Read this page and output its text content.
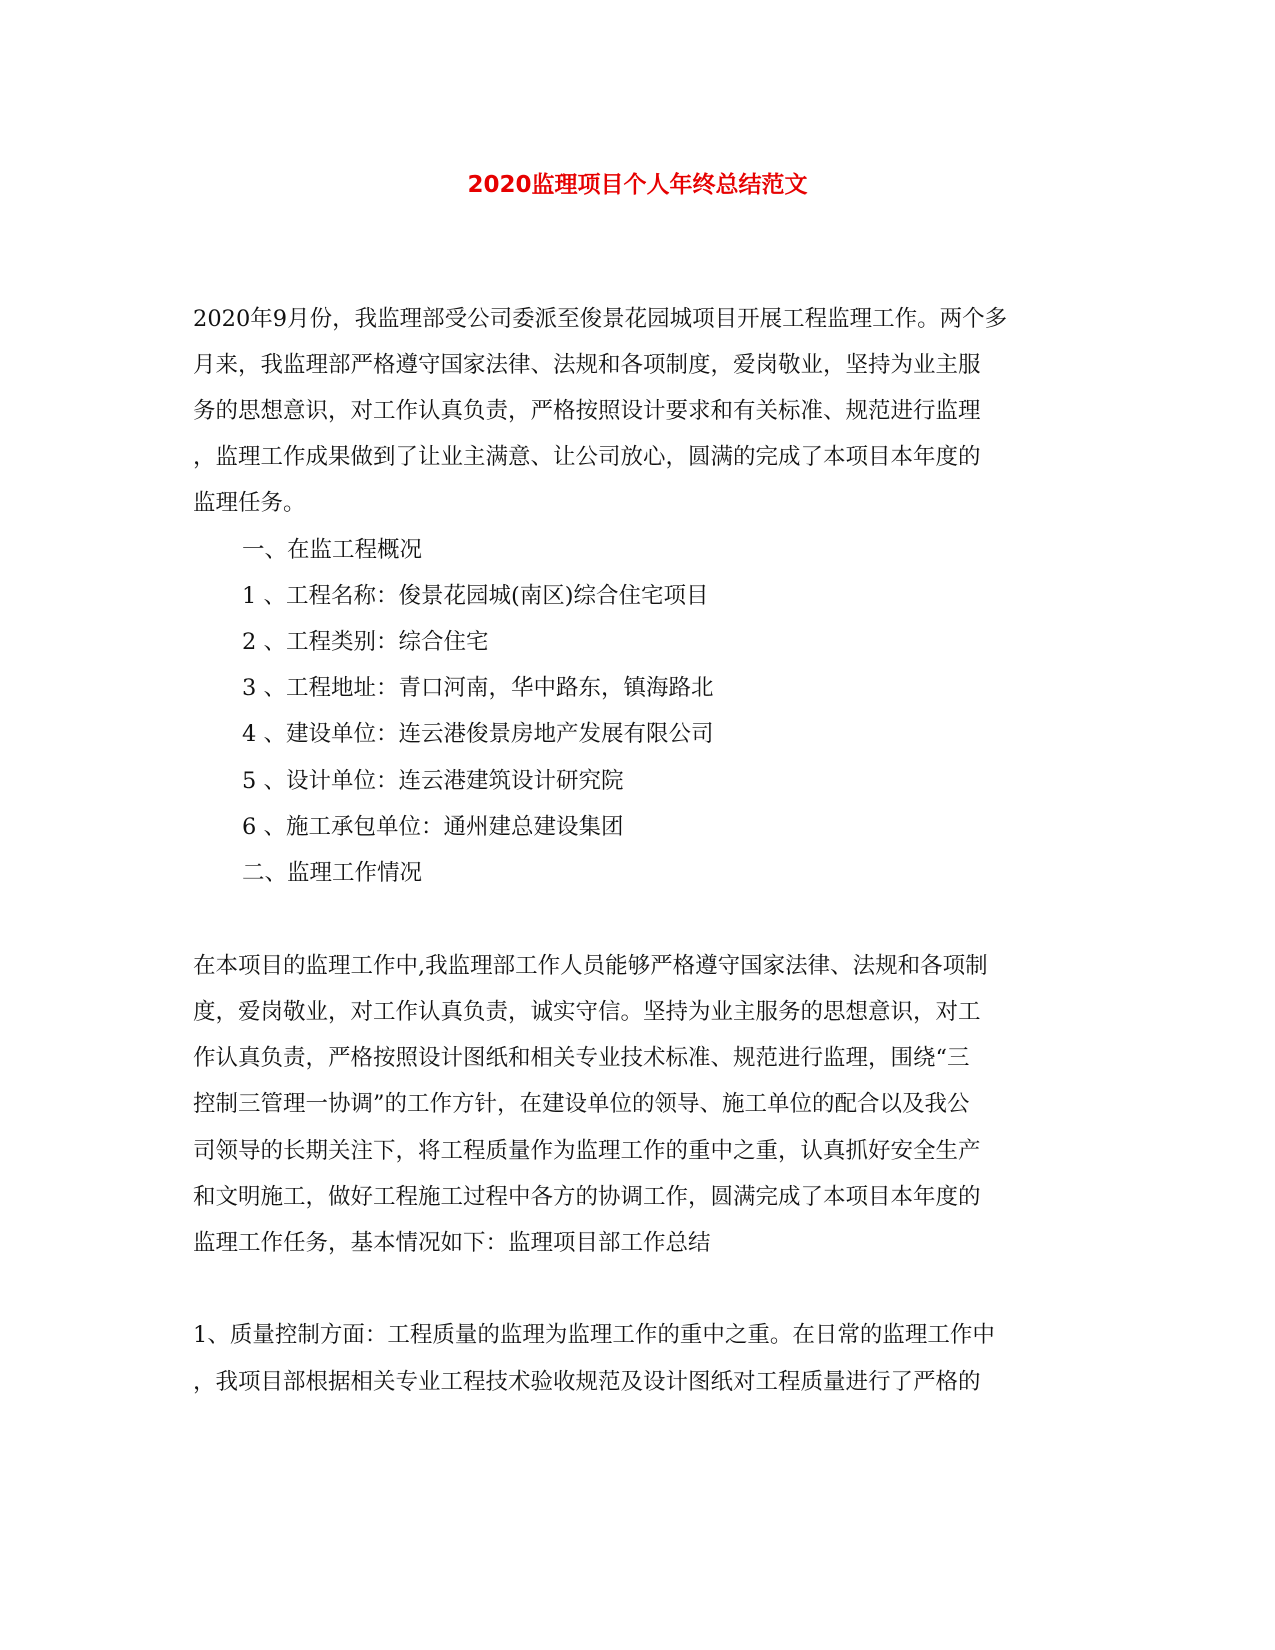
2020监理项目个人年终总结范文

2020年9月份，我监理部受公司委派至俊景花园城项目开展工程监理工作。两个多

月来，我监理部严格遵守国家法律、法规和各项制度，爱岗敬业，坚持为业主服

务的思想意识，对工作认真负责，严格按照设计要求和有关标准、规范进行监理

，监理工作成果做到了让业主满意、让公司放心，圆满的完成了本项目本年度的

监理任务。

一、在监工程概况

1 、工程名称：俊景花园城(南区)综合住宅项目

2 、工程类别：综合住宅

3 、工程地址：青口河南，华中路东，镇海路北

4 、建设单位：连云港俊景房地产发展有限公司

5 、设计单位：连云港建筑设计研究院

6 、施工承包单位：通州建总建设集团

二、监理工作情况

在本项目的监理工作中,我监理部工作人员能够严格遵守国家法律、法规和各项制

度，爱岗敬业，对工作认真负责，诚实守信。坚持为业主服务的思想意识，对工

作认真负责，严格按照设计图纸和相关专业技术标准、规范进行监理，围绕“三

控制三管理一协调”的工作方针，在建设单位的领导、施工单位的配合以及我公

司领导的长期关注下，将工程质量作为监理工作的重中之重，认真抓好安全生产

和文明施工，做好工程施工过程中各方的协调工作，圆满完成了本项目本年度的

监理工作任务，基本情况如下：监理项目部工作总结

1、质量控制方面：工程质量的监理为监理工作的重中之重。在日常的监理工作中

，我项目部根据相关专业工程技术验收规范及设计图纸对工程质量进行了严格的
